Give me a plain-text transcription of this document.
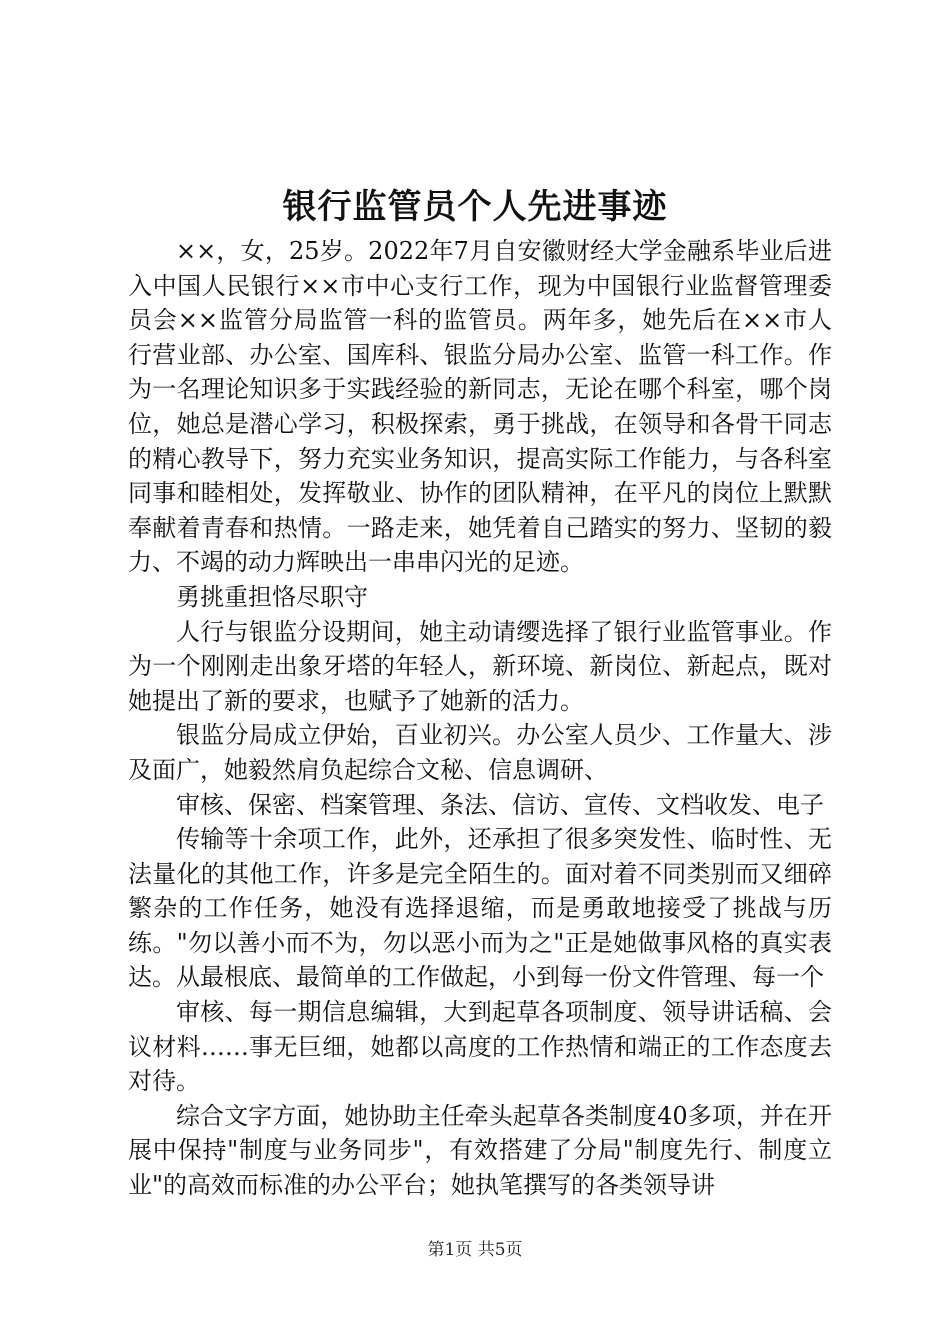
银行监管员个人先进事迹

××，女，25岁。2022年7月自安徽财经大学金融系毕业后进入中国人民银行××市中心支行工作，现为中国银行业监督管理委员会××监管分局监管一科的监管员。两年多，她先后在××市人行营业部、办公室、国库科、银监分局办公室、监管一科工作。作为一名理论知识多于实践经验的新同志，无论在哪个科室，哪个岗位，她总是潜心学习，积极探索，勇于挑战，在领导和各骨干同志的精心教导下，努力充实业务知识，提高实际工作能力，与各科室同事和睦相处，发挥敬业、协作的团队精神，在平凡的岗位上默默奉献着青春和热情。一路走来，她凭着自己踏实的努力、坚韧的毅力、不竭的动力辉映出一串串闪光的足迹。

勇挑重担恪尽职守

人行与银监分设期间，她主动请缨选择了银行业监管事业。作为一个刚刚走出象牙塔的年轻人，新环境、新岗位、新起点，既对她提出了新的要求，也赋予了她新的活力。

银监分局成立伊始，百业初兴。办公室人员少、工作量大、涉及面广，她毅然肩负起综合文秘、信息调研、

审核、保密、档案管理、条法、信访、宣传、文档收发、电子

传输等十余项工作，此外，还承担了很多突发性、临时性、无法量化的其他工作，许多是完全陌生的。面对着不同类别而又细碎繁杂的工作任务，她没有选择退缩，而是勇敢地接受了挑战与历练。"勿以善小而不为，勿以恶小而为之"正是她做事风格的真实表达。从最根底、最简单的工作做起，小到每一份文件管理、每一个

审核、每一期信息编辑，大到起草各项制度、领导讲话稿、会议材料……事无巨细，她都以高度的工作热情和端正的工作态度去对待。

综合文字方面，她协助主任牵头起草各类制度40多项，并在开展中保持"制度与业务同步"，有效搭建了分局"制度先行、制度立业"的高效而标准的办公平台；她执笔撰写的各类领导讲

第1页 共5页
